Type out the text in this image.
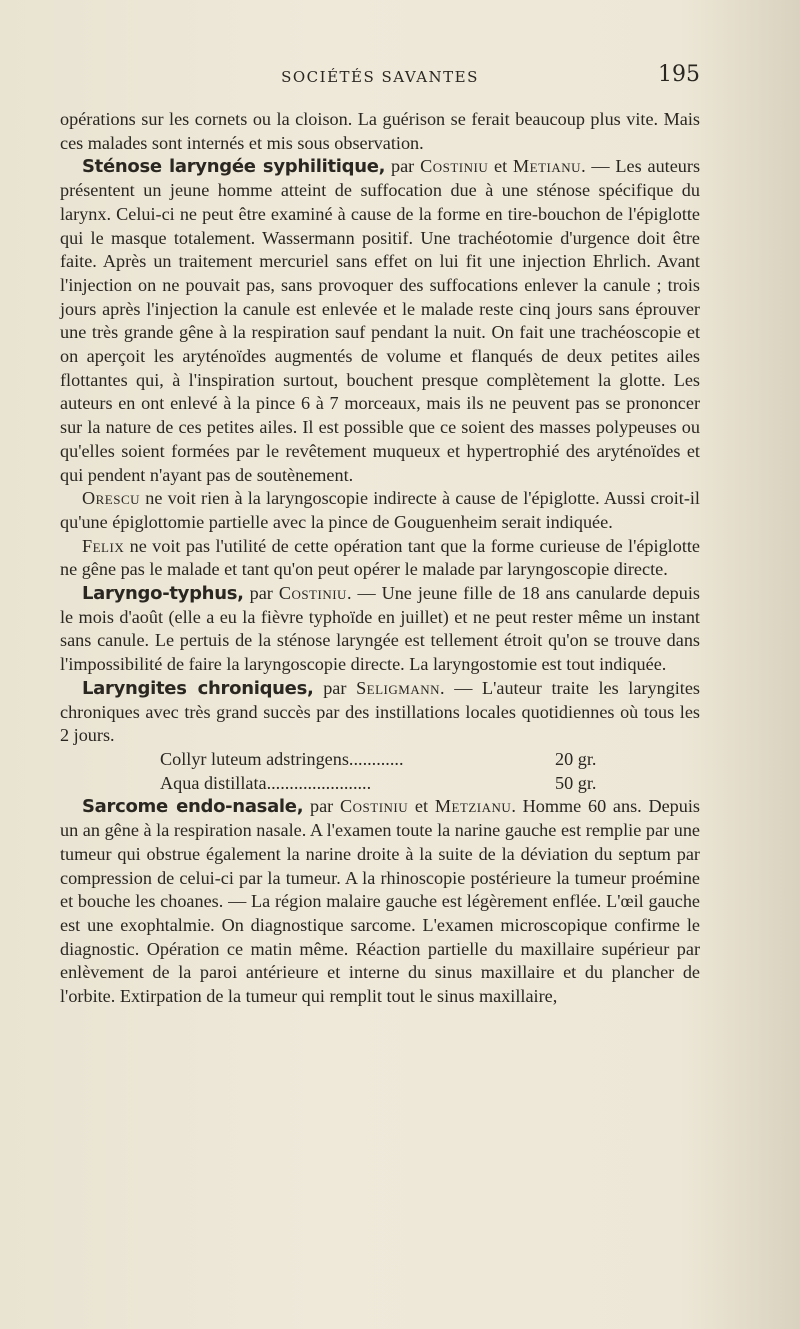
SOCIÉTÉS SAVANTES	195

opérations sur les cornets ou la cloison. La guérison se ferait beaucoup plus vite. Mais ces malades sont internés et mis sous observation.

Sténose laryngée syphilitique, par Costiniu et Metianu. — Les auteurs présentent un jeune homme atteint de suffocation due à une sténose spécifique du larynx. Celui-ci ne peut être examiné à cause de la forme en tire-bouchon de l'épiglotte qui le masque totalement. Wassermann positif. Une trachéotomie d'urgence doit être faite. Après un traitement mercuriel sans effet on lui fit une injection Ehrlich. Avant l'injection on ne pouvait pas, sans provoquer des suffocations enlever la canule ; trois jours après l'injection la canule est enlevée et le malade reste cinq jours sans éprouver une très grande gêne à la respiration sauf pendant la nuit. On fait une trachéoscopie et on aperçoit les aryténoïdes augmentés de volume et flanqués de deux petites ailes flottantes qui, à l'inspiration surtout, bouchent presque complètement la glotte. Les auteurs en ont enlevé à la pince 6 à 7 morceaux, mais ils ne peuvent pas se prononcer sur la nature de ces petites ailes. Il est possible que ce soient des masses polypeuses ou qu'elles soient formées par le revêtement muqueux et hypertrophié des aryténoïdes et qui pendent n'ayant pas de soutènement.

Orescu ne voit rien à la laryngoscopie indirecte à cause de l'épiglotte. Aussi croit-il qu'une épiglottomie partielle avec la pince de Gouguenheim serait indiquée.

Felix ne voit pas l'utilité de cette opération tant que la forme curieuse de l'épiglotte ne gêne pas le malade et tant qu'on peut opérer le malade par laryngoscopie directe.

Laryngo-typhus, par Costiniu. — Une jeune fille de 18 ans canularde depuis le mois d'août (elle a eu la fièvre typhoïde en juillet) et ne peut rester même un instant sans canule. Le pertuis de la sténose laryngée est tellement étroit qu'on se trouve dans l'impossibilité de faire la laryngoscopie directe. La laryngostomie est tout indiquée.

Laryngites chroniques, par Seligmann. — L'auteur traite les laryngites chroniques avec très grand succès par des instillations locales quotidiennes où tous les 2 jours.

Collyr luteum adstringens............	20 gr.
Aqua distillata.......................	50 gr.

Sarcome endo-nasale, par Costiniu et Metzianu. Homme 60 ans. Depuis un an gêne à la respiration nasale. A l'examen toute la narine gauche est remplie par une tumeur qui obstrue également la narine droite à la suite de la déviation du septum par compression de celui-ci par la tumeur. A la rhinoscopie postérieure la tumeur proémine et bouche les choanes. — La région malaire gauche est légèrement enflée. L'œil gauche est une exophtalmie. On diagnostique sarcome. L'examen microscopique confirme le diagnostic. Opération ce matin même. Réaction partielle du maxillaire supérieur par enlèvement de la paroi antérieure et interne du sinus maxillaire et du plancher de l'orbite. Extirpation de la tumeur qui remplit tout le sinus maxillaire,
